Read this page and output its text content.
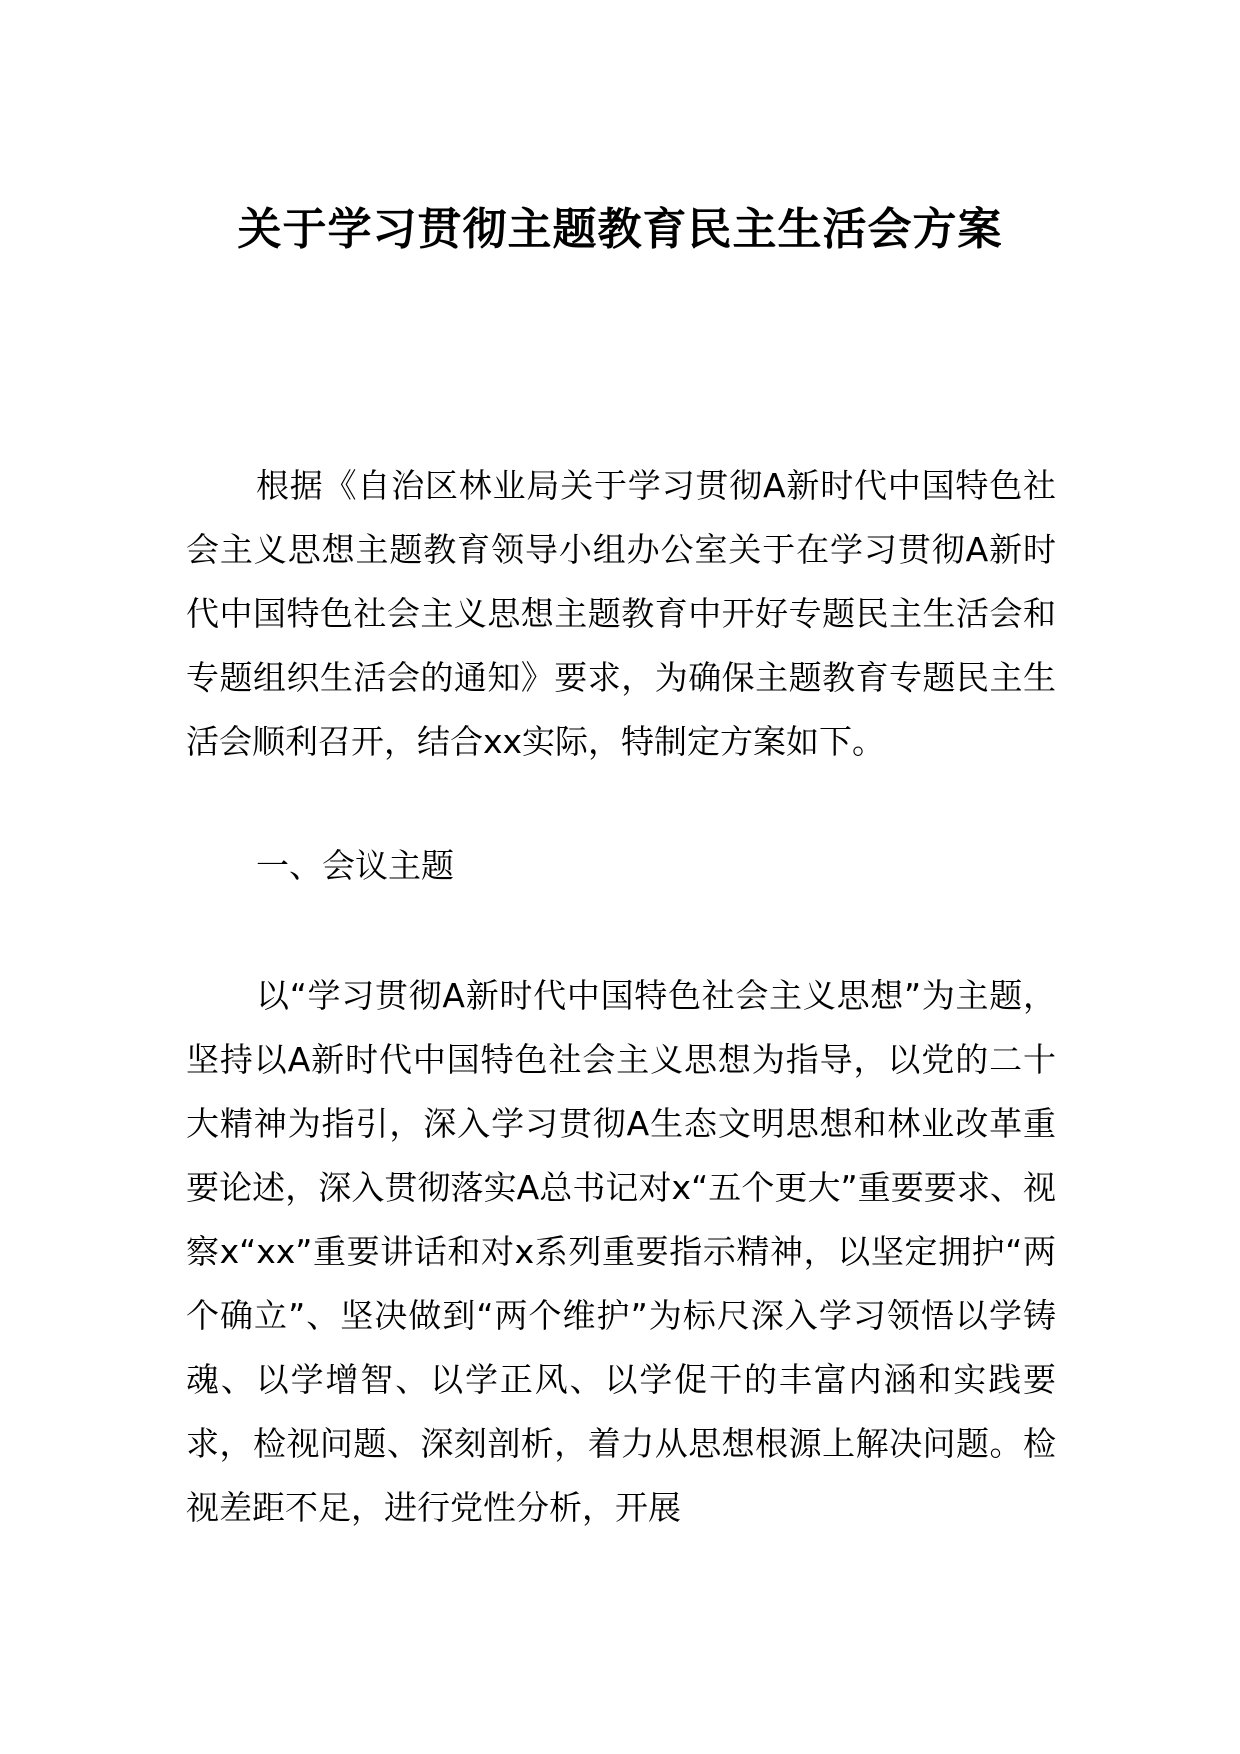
关于学习贯彻主题教育民主生活会方案

根据《自治区林业局关于学习贯彻A新时代中国特色社会主义思想主题教育领导小组办公室关于在学习贯彻A新时代中国特色社会主义思想主题教育中开好专题民主生活会和专题组织生活会的通知》要求，为确保主题教育专题民主生活会顺利召开，结合xx实际，特制定方案如下。

一、会议主题

以“学习贯彻A新时代中国特色社会主义思想”为主题，坚持以A新时代中国特色社会主义思想为指导，以党的二十大精神为指引，深入学习贯彻A生态文明思想和林业改革重要论述，深入贯彻落实A总书记对x“五个更大”重要要求、视察x“xx”重要讲话和对x系列重要指示精神，以坚定拥护“两个确立”、坚决做到“两个维护”为标尺深入学习领悟以学铸魂、以学增智、以学正风、以学促干的丰富内涵和实践要求，检视问题、深刻剖析，着力从思想根源上解决问题。检视差距不足，进行党性分析，开展
